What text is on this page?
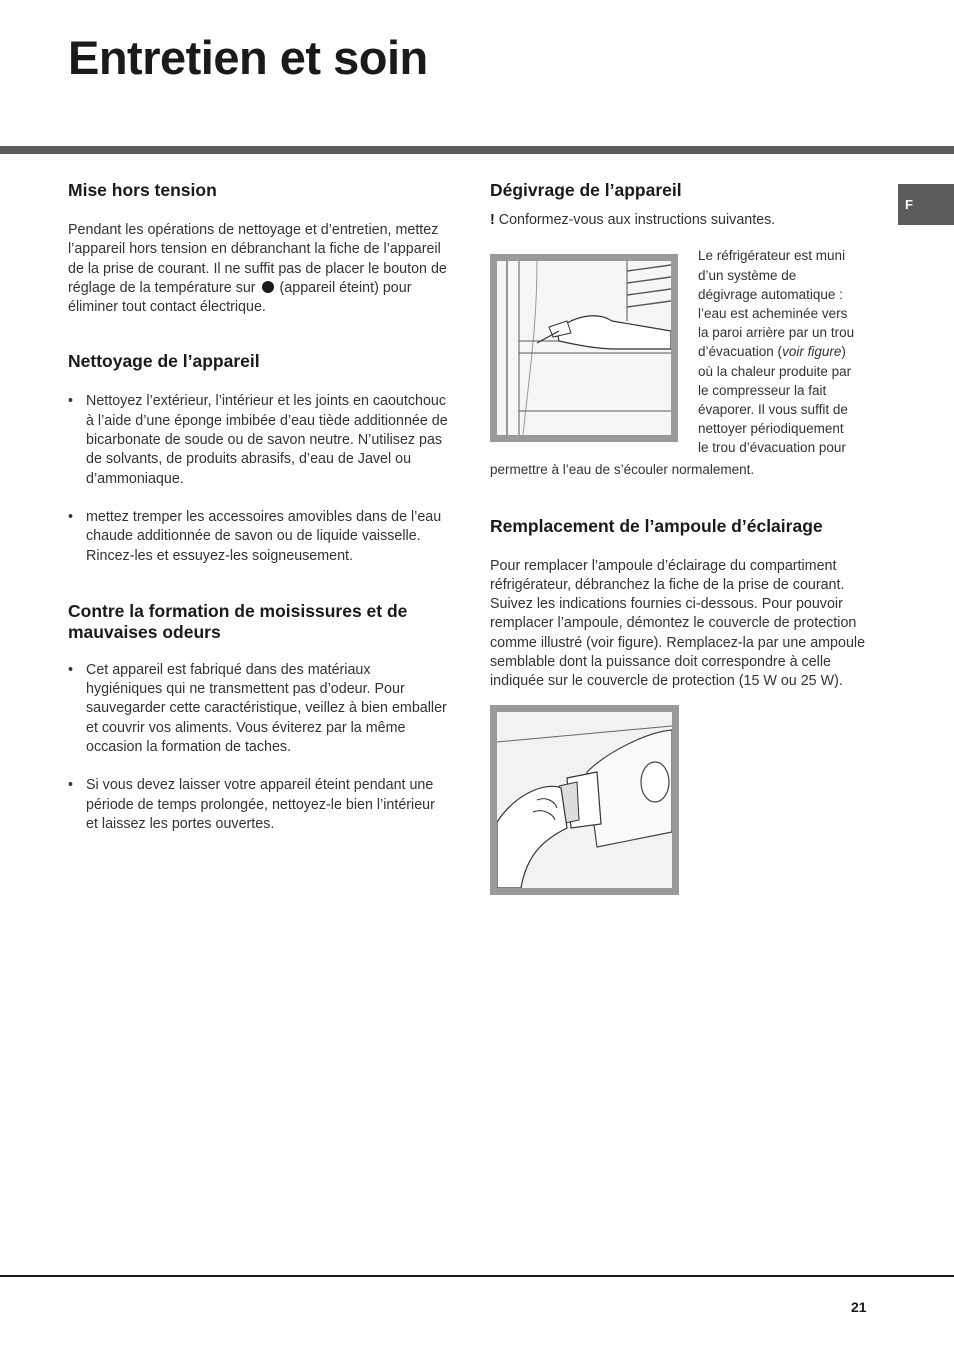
Entretien et soin
F
Mise hors tension

Pendant les opérations de nettoyage et d’entretien, mettez l’appareil hors tension en débranchant la fiche de l’appareil de la prise de courant. Il ne suffit pas de placer le bouton de réglage de la température sur (appareil éteint) pour éliminer tout contact électrique.

Nettoyage de l’appareil
• Nettoyez l’extérieur, l’intérieur et les joints en caoutchouc à l’aide d’une éponge imbibée d’eau tiède additionnée de bicarbonate de soude ou de savon neutre. N’utilisez pas de solvants, de produits abrasifs, d’eau de Javel ou d’ammoniaque.
• mettez tremper les accessoires amovibles dans de l’eau chaude additionnée de savon ou de liquide vaisselle. Rincez-les et essuyez-les soigneusement.
Contre la formation de moisissures et de mauvaises odeurs
• Cet appareil est fabriqué dans des matériaux hygiéniques qui ne transmettent pas d’odeur. Pour sauvegarder cette caractéristique, veillez à bien emballer et couvrir vos aliments. Vous éviterez par la même occasion la formation de taches.
• Si vous devez laisser votre appareil éteint pendant une période de temps prolongée, nettoyez-le bien l’intérieur et laissez les portes ouvertes.
Dégivrage de l’appareil

! Conformez-vous aux instructions suivantes.

Le réfrigérateur est muni
d’un système de
dégivrage automatique :
l’eau est acheminée vers
la paroi arrière par un trou
d’évacuation (voir figure)
où la chaleur produite par
le compresseur la fait
évaporer. Il vous suffit de
nettoyer périodiquement
le trou d’évacuation pour

permettre à l’eau de s’écouler normalement.

Remplacement de l’ampoule d’éclairage

Pour remplacer l’ampoule d’éclairage du compartiment réfrigérateur, débranchez la fiche de la prise de courant. Suivez les indications fournies ci-dessous. Pour pouvoir remplacer l’ampoule, démontez le couvercle de protection comme illustré (voir figure). Remplacez-la par une ampoule semblable dont la puissance doit correspondre à celle indiquée sur le couvercle de protection (15 W ou 25 W).

21
